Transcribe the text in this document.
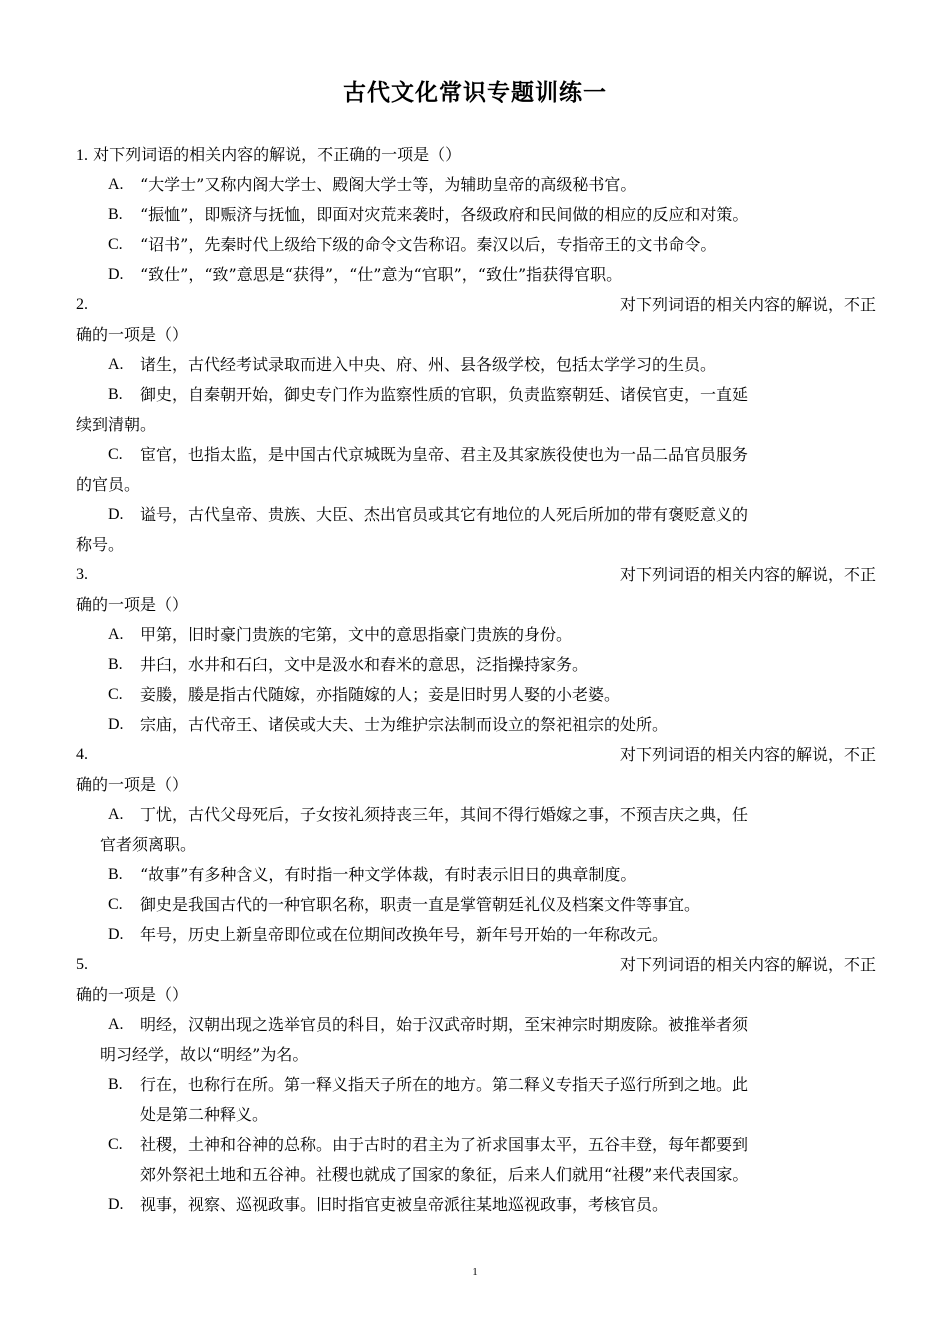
古代文化常识专题训练一
1. 对下列词语的相关内容的解说，不正确的一项是（）
A.	“大学士”又称内阁大学士、殿阁大学士等，为辅助皇帝的高级秘书官。
B.	“振恤”，即赈济与抚恤，即面对灾荒来袭时，各级政府和民间做的相应的反应和对策。
C.	“诏书”，先秦时代上级给下级的命令文告称诏。秦汉以后，专指帝王的文书命令。
D.	“致仕”，“致”意思是“获得”，“仕”意为“官职”，“致仕”指获得官职。
2.	对下列词语的相关内容的解说，不正
确的一项是（）
A.	诸生，古代经考试录取而进入中央、府、州、县各级学校，包括太学学习的生员。
B.	御史，自秦朝开始，御史专门作为监察性质的官职，负责监察朝廷、诸侯官吏，一直延
续到清朝。
C.	宦官，也指太监，是中国古代京城既为皇帝、君主及其家族役使也为一品二品官员服务
的官员。
D.	谥号，古代皇帝、贵族、大臣、杰出官员或其它有地位的人死后所加的带有褒贬意义的
称号。
3.	对下列词语的相关内容的解说，不正
确的一项是（）
A.	甲第，旧时豪门贵族的宅第，文中的意思指豪门贵族的身份。
B.	井臼，水井和石臼，文中是汲水和舂米的意思，泛指操持家务。
C.	妾媵，媵是指古代随嫁，亦指随嫁的人；妾是旧时男人娶的小老婆。
D.	宗庙，古代帝王、诸侯或大夫、士为维护宗法制而设立的祭祀祖宗的处所。
4.	对下列词语的相关内容的解说，不正
确的一项是（）
A.	丁忧，古代父母死后，子女按礼须持丧三年，其间不得行婚嫁之事，不预吉庆之典，任
官者须离职。
B.	“故事”有多种含义，有时指一种文学体裁，有时表示旧日的典章制度。
C.	御史是我国古代的一种官职名称，职责一直是掌管朝廷礼仪及档案文件等事宜。
D.	年号，历史上新皇帝即位或在位期间改换年号，新年号开始的一年称改元。
5.	对下列词语的相关内容的解说，不正
确的一项是（）
A.	明经，汉朝出现之选举官员的科目，始于汉武帝时期，至宋神宗时期废除。被推举者须
明习经学，故以“明经”为名。
B.	行在，也称行在所。第一释义指天子所在的地方。第二释义专指天子巡行所到之地。此
处是第二种释义。
C.	社稷，土神和谷神的总称。由于古时的君主为了祈求国事太平，五谷丰登，每年都要到
郊外祭祀土地和五谷神。社稷也就成了国家的象征，后来人们就用“社稷”来代表国家。
D.	视事，视察、巡视政事。旧时指官吏被皇帝派往某地巡视政事，考核官员。
1
